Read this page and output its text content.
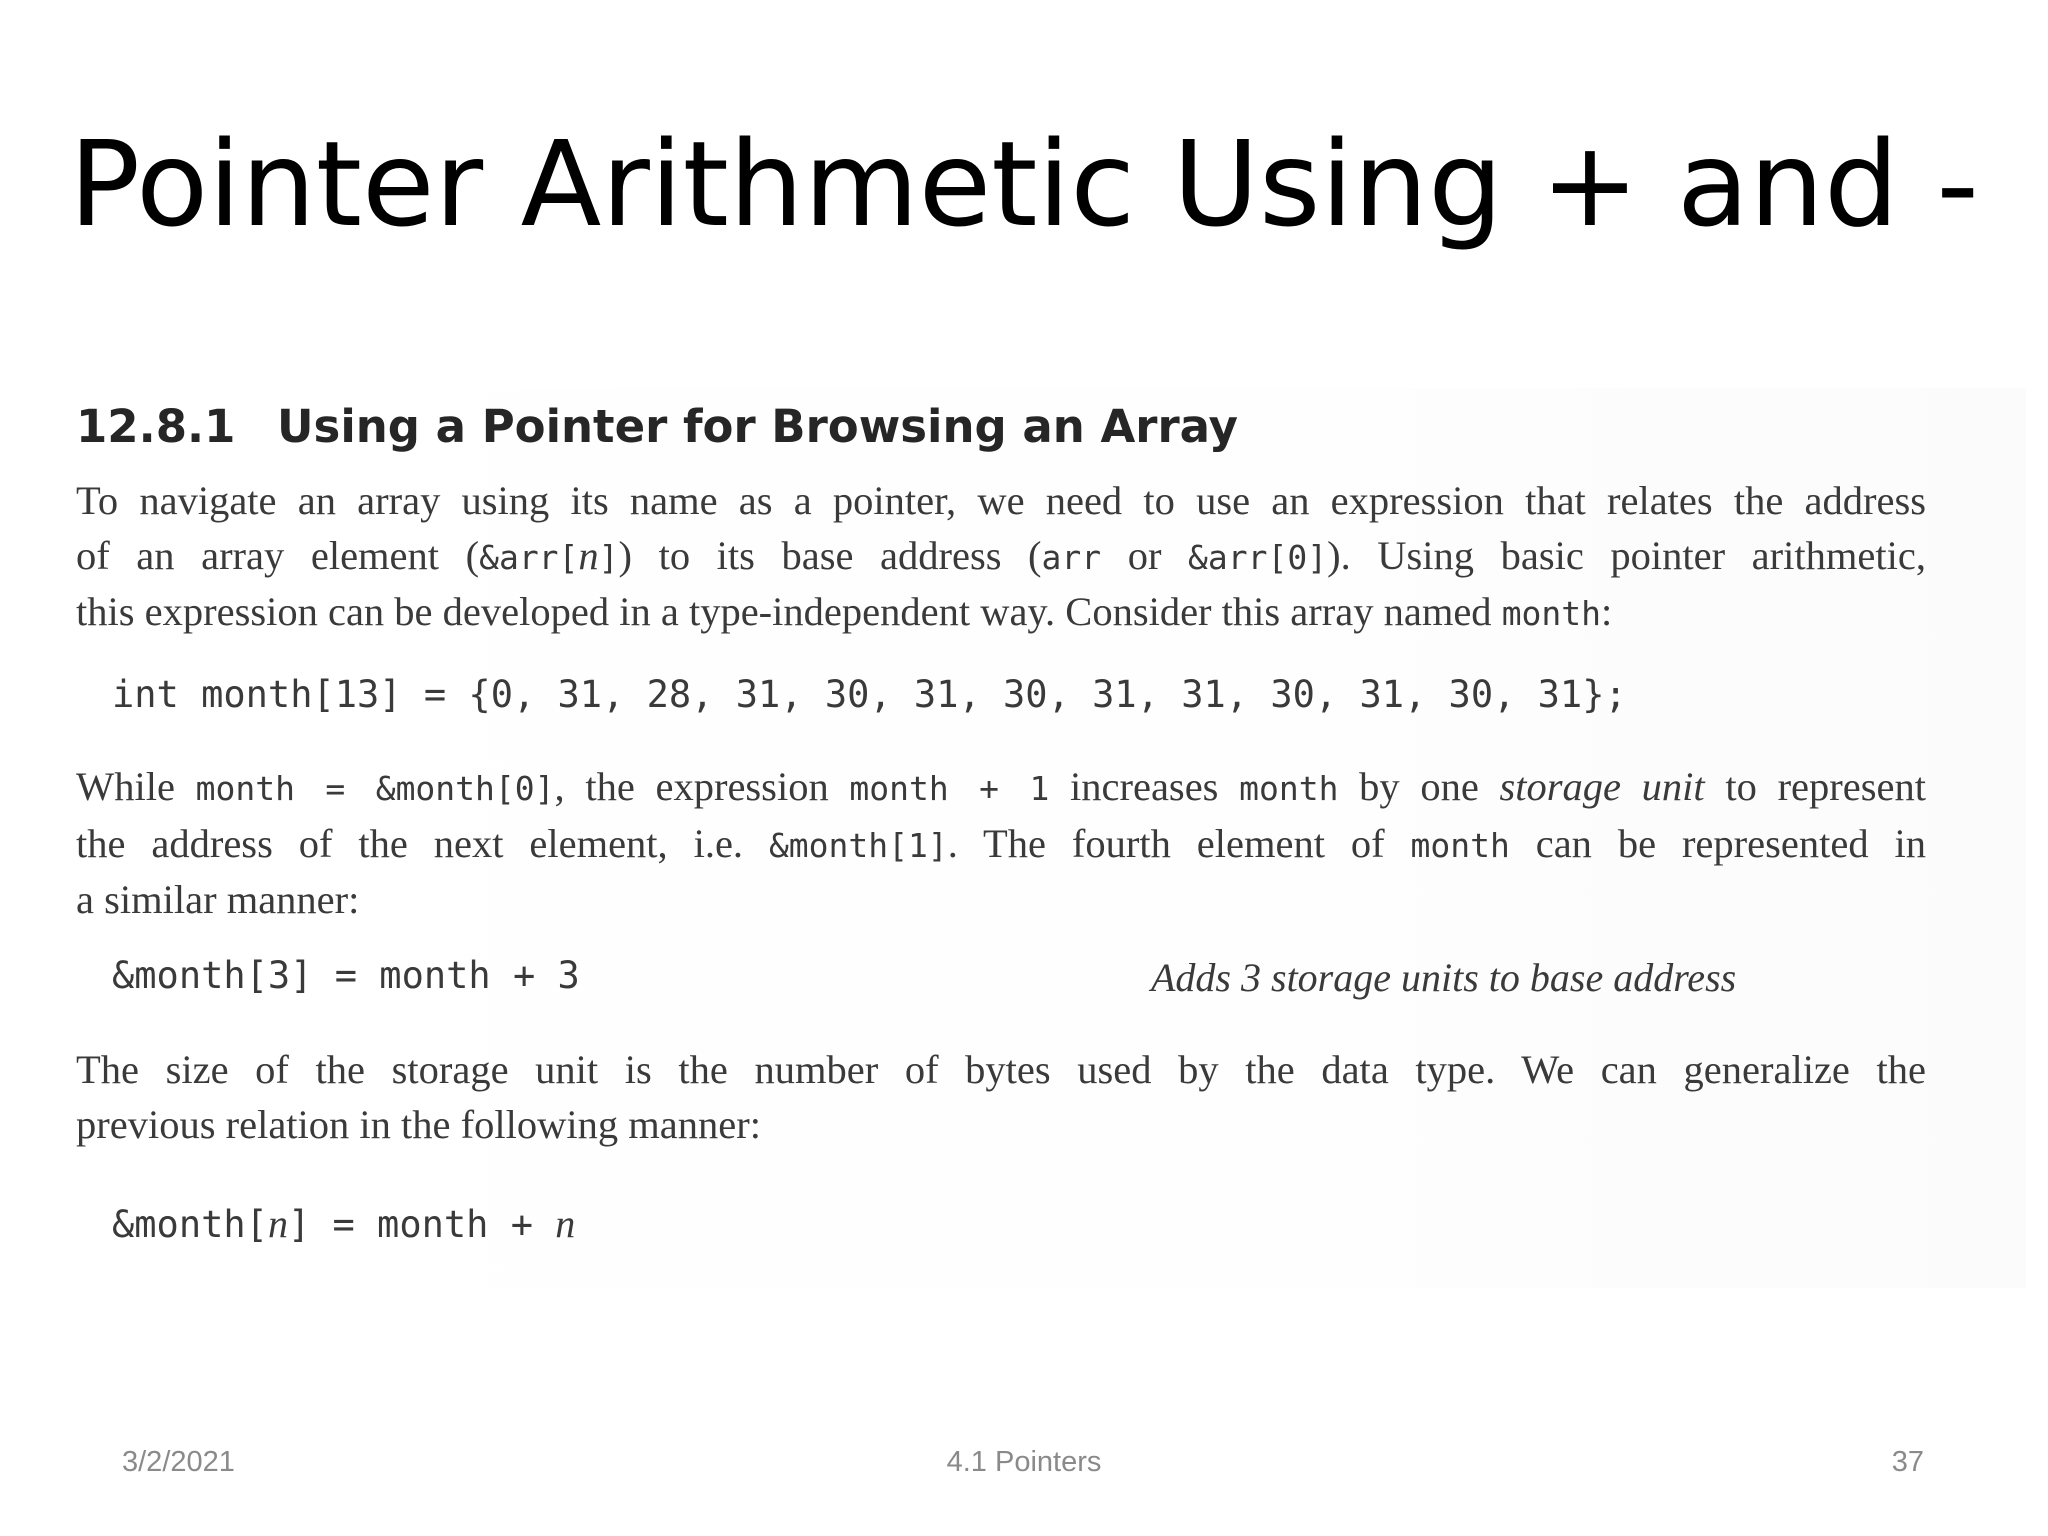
Pointer Arithmetic Using + and -
12.8.1 Using a Pointer for Browsing an Array
To navigate an array using its name as a pointer, we need to use an expression that relates the address
of an array element (&arr[n]) to its base address (arr or &arr[0]). Using basic pointer arithmetic,
this expression can be developed in a type-independent way. Consider this array named month:
int month[13] = {0, 31, 28, 31, 30, 31, 30, 31, 31, 30, 31, 30, 31};
While month = &month[0], the expression month + 1 increases month by one storage unit to represent
the address of the next element, i.e. &month[1]. The fourth element of month can be represented in
a similar manner:
&month[3] = month + 3	Adds 3 storage units to base address
The size of the storage unit is the number of bytes used by the data type. We can generalize the
previous relation in the following manner:
&month[n] = month + n
3/2/2021	4.1 Pointers	37
